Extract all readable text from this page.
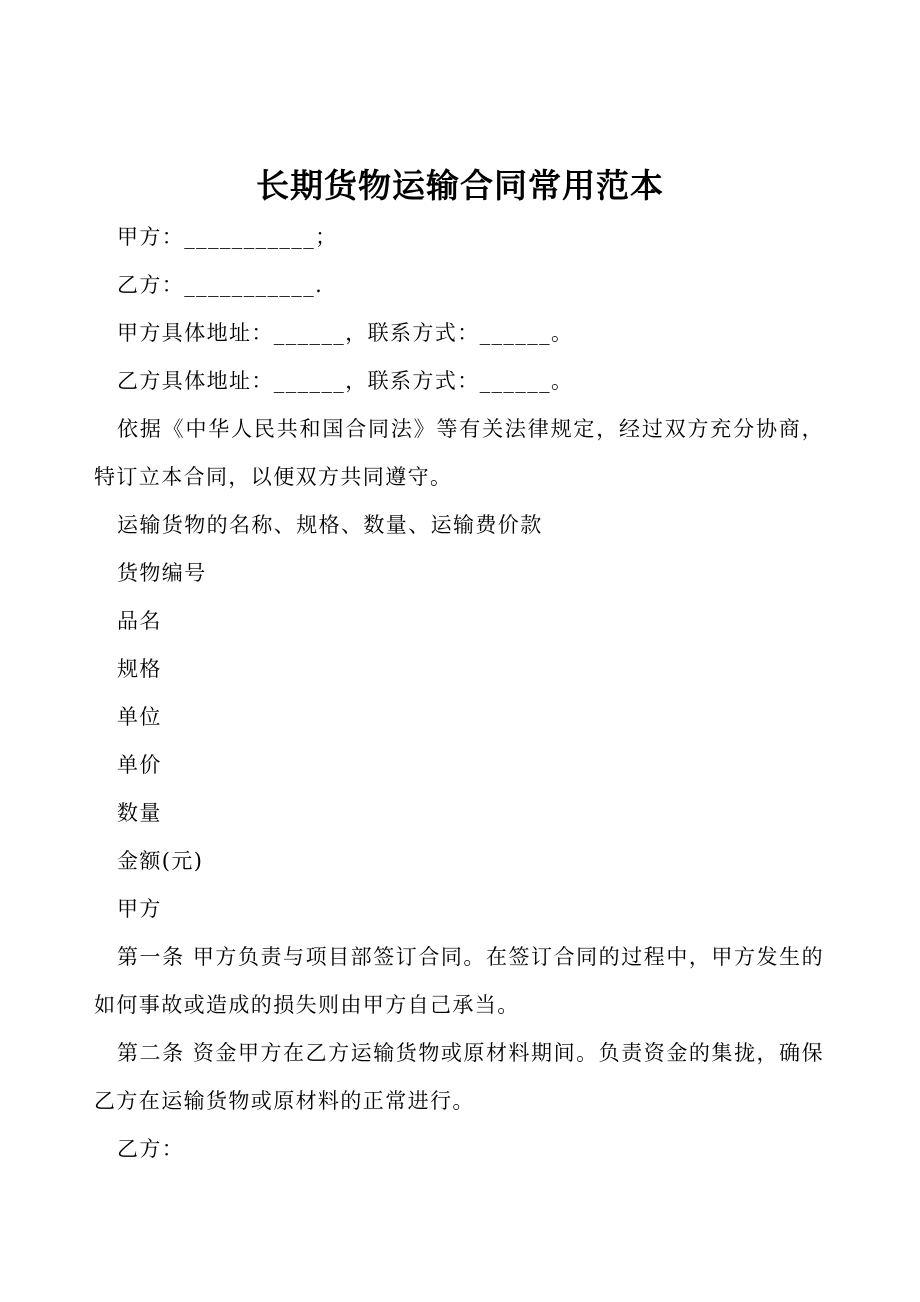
长期货物运输合同常用范本

甲方：___________；

乙方：___________.

甲方具体地址：______，联系方式：______。

乙方具体地址：______，联系方式：______。

依据《中华人民共和国合同法》等有关法律规定，经过双方充分协商，特订立本合同，以便双方共同遵守。

运输货物的名称、规格、数量、运输费价款

货物编号

品名

规格

单位

单价

数量

金额(元)

甲方

第一条 甲方负责与项目部签订合同。在签订合同的过程中，甲方发生的如何事故或造成的损失则由甲方自己承当。

第二条 资金甲方在乙方运输货物或原材料期间。负责资金的集拢，确保乙方在运输货物或原材料的正常进行。

乙方：
